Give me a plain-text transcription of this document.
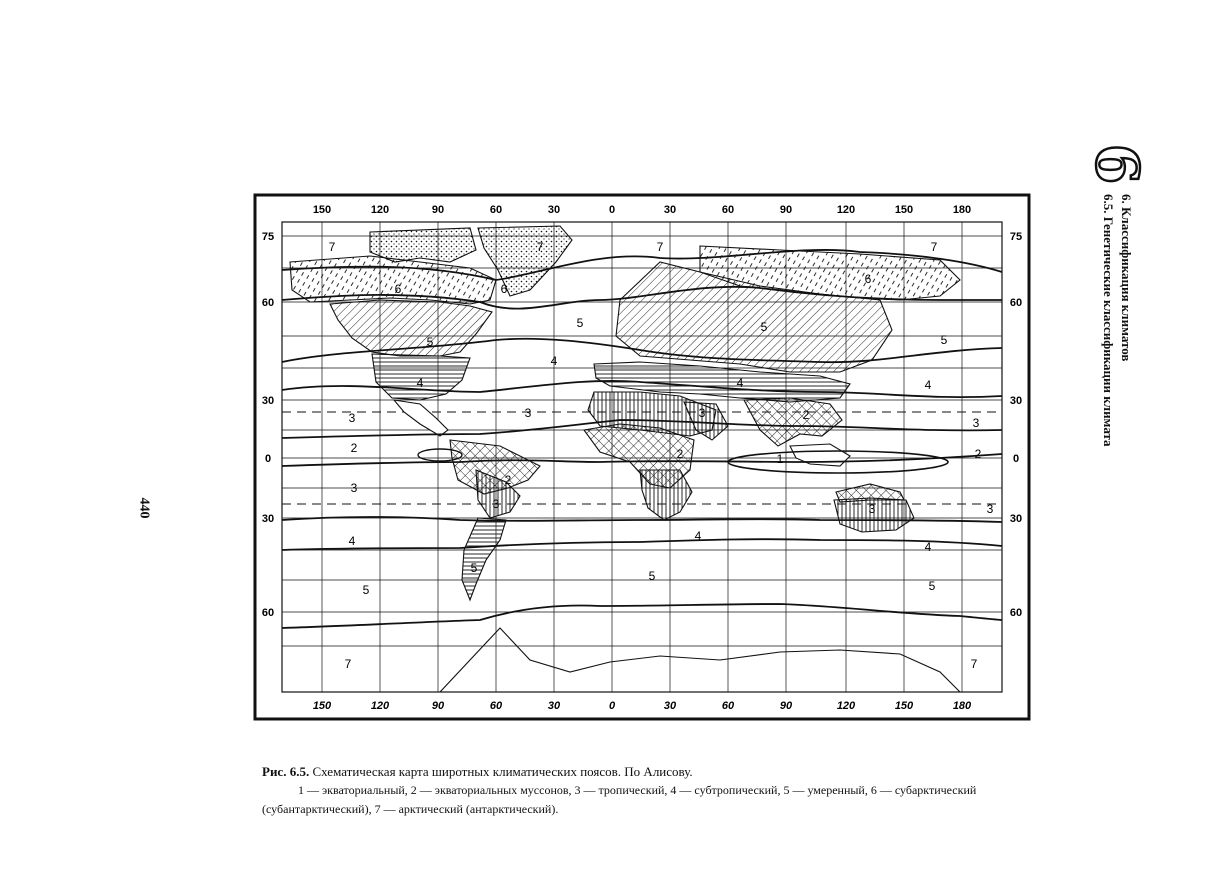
150	120	90	60	30	0	30	60	90	120	150	180
150	120	90	60	30	0	30	60	90	120	150	180
75
60
30
0
30
60
75
60
30
0
30
60
7	7	7	7
6	6
6
5
5	5
5
5
5
5
5
4
4
4	4
4	4
4
3	3	3
3
3
3	3	3
2
2
2
2
2
1
7	7
6
6. Классификация климатов
6.5. Генетические классификации климата
440
Рис. 6.5. Схематическая карта широтных климатических поясов. По Алисову.
1 — экваториальный, 2 — экваториальных муссонов, 3 — тропический, 4 — субтропический, 5 — умеренный, 6 — субарктический (субантарктический), 7 — арктический (антарктический).
